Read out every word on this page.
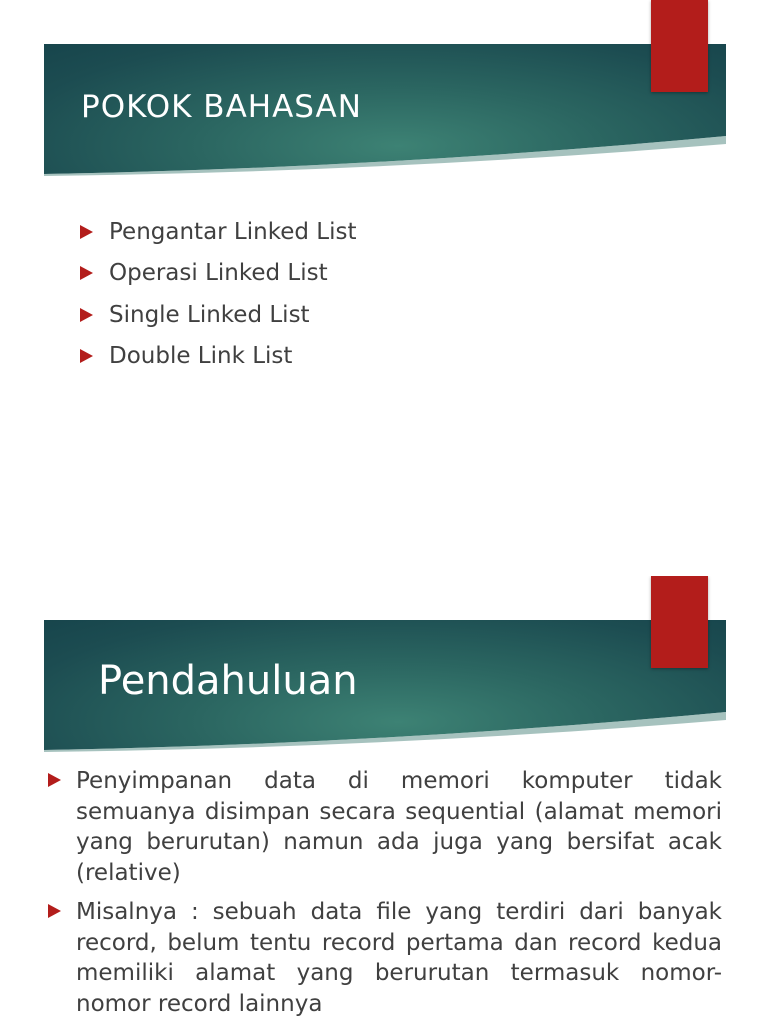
POKOK BAHASAN
Pengantar Linked List
Operasi Linked List
Single Linked List
Double Link List
Pendahuluan
Penyimpanan data di memori komputer tidak semuanya disimpan secara sequential (alamat memori yang berurutan) namun ada juga yang bersifat acak (relative)
Misalnya : sebuah data file yang terdiri dari banyak record, belum tentu record pertama dan record kedua memiliki alamat yang berurutan termasuk nomor-nomor record lainnya
